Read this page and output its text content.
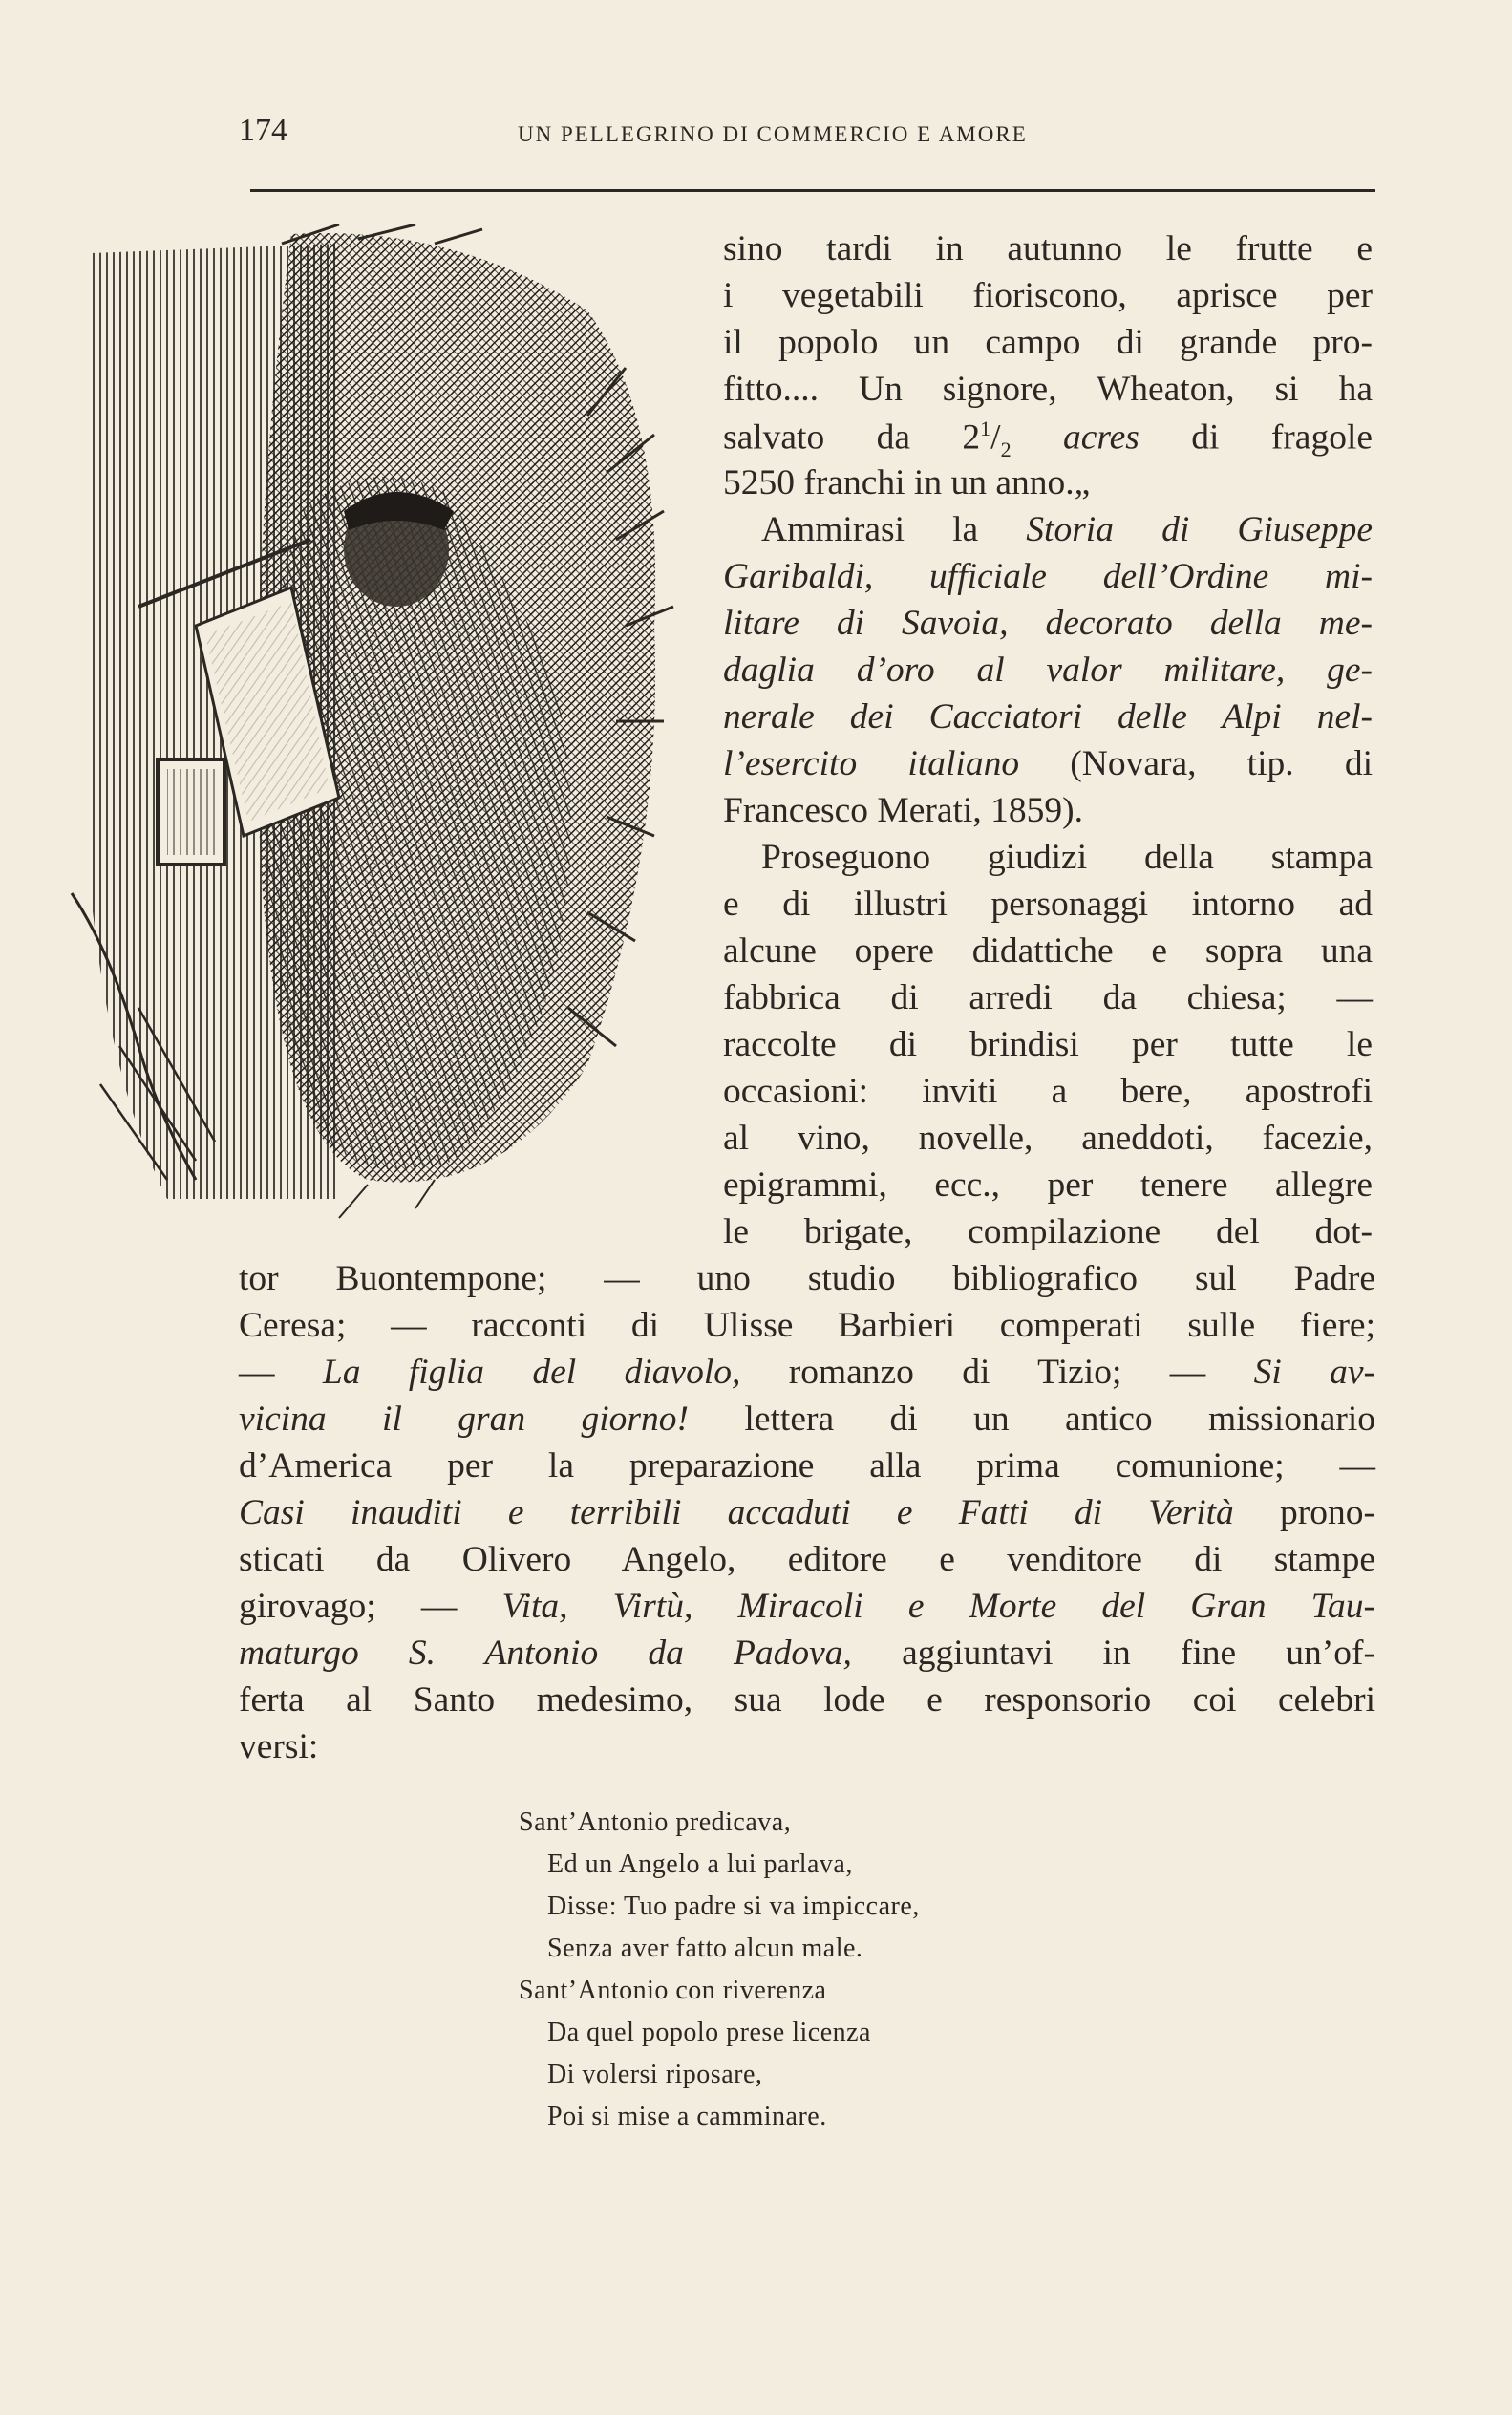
174	UN PELLEGRINO DI COMMERCIO E AMORE
sino tardi in autunno le frutte e
i vegetabili fioriscono, aprisce per
il popolo un campo di grande pro-
fitto.... Un signore, Wheaton, si ha
salvato da $2^1/_2$ acres di fragole
5250 franchi in un anno.„
Ammirasi la Storia di Giuseppe
Garibaldi, ufficiale dell’Ordine mi-
litare di Savoia, decorato della me-
daglia d’oro al valor militare, ge-
nerale dei Cacciatori delle Alpi nel-
l’esercito italiano (Novara, tip. di
Francesco Merati, 1859).
Proseguono giudizi della stampa
e di illustri personaggi intorno ad
alcune opere didattiche e sopra una
fabbrica di arredi da chiesa; —
raccolte di brindisi per tutte le
occasioni: inviti a bere, apostrofi
al vino, novelle, aneddoti, facezie,
epigrammi, ecc., per tenere allegre
le brigate, compilazione del dot-
tor Buontempone; — uno studio bibliografico sul Padre
Ceresa; — racconti di Ulisse Barbieri comperati sulle fiere;
— La figlia del diavolo, romanzo di Tizio; — Si av-
vicina il gran giorno! lettera di un antico missionario
d’America per la preparazione alla prima comunione; —
Casi inauditi e terribili accaduti e Fatti di Verità prono-
sticati da Olivero Angelo, editore e venditore di stampe
girovago; — Vita, Virtù, Miracoli e Morte del Gran Tau-
maturgo S. Antonio da Padova, aggiuntavi in fine un’of-
ferta al Santo medesimo, sua lode e responsorio coi celebri
versi:
Sant’Antonio predicava,
Ed un Angelo a lui parlava,
Disse: Tuo padre si va impiccare,
Senza aver fatto alcun male.
Sant’Antonio con riverenza
Da quel popolo prese licenza
Di volersi riposare,
Poi si mise a camminare.
